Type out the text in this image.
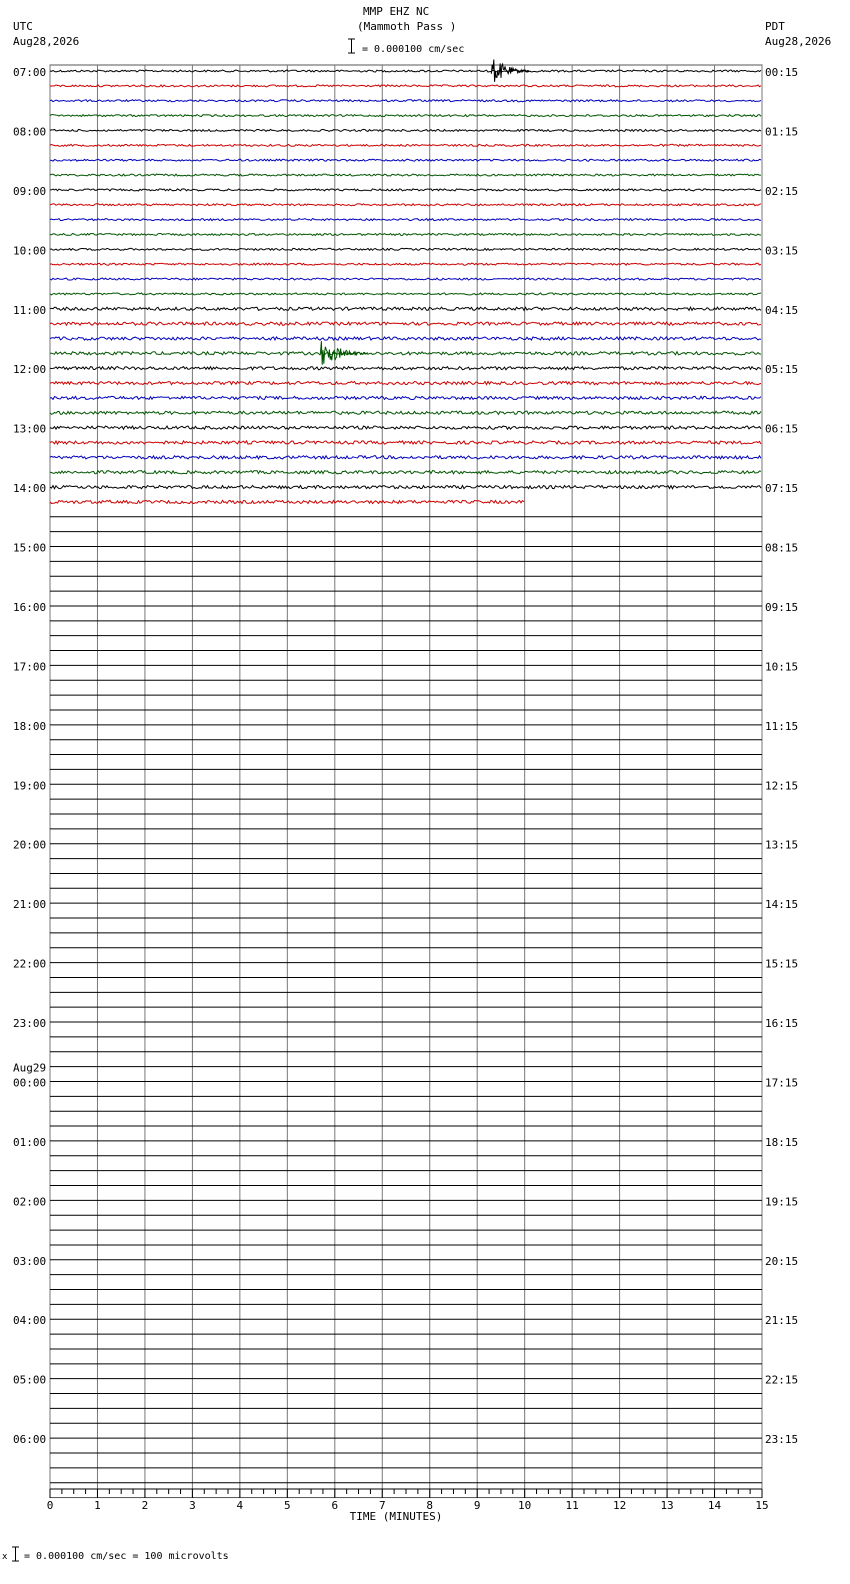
MMP EHZ NC
(Mammoth Pass )
= 0.000100 cm/sec
UTC
Aug28,2026
PDT
Aug28,2026
0	1	2	3	4	5	6	7	8	9	10	11	12	13	14	15
TIME (MINUTES)
07:00
08:00
09:00
10:00
11:00
12:00
13:00
14:00
15:00
16:00
17:00
18:00
19:00
20:00
21:00
22:00
23:00
00:00
Aug29
01:00
02:00
03:00
04:00
05:00
06:00
00:15
01:15
02:15
03:15
04:15
05:15
06:15
07:15
08:15
09:15
10:15
11:15
12:15
13:15
14:15
15:15
16:15
17:15
18:15
19:15
20:15
21:15
22:15
23:15
x = 0.000100 cm/sec = 100 microvolts
